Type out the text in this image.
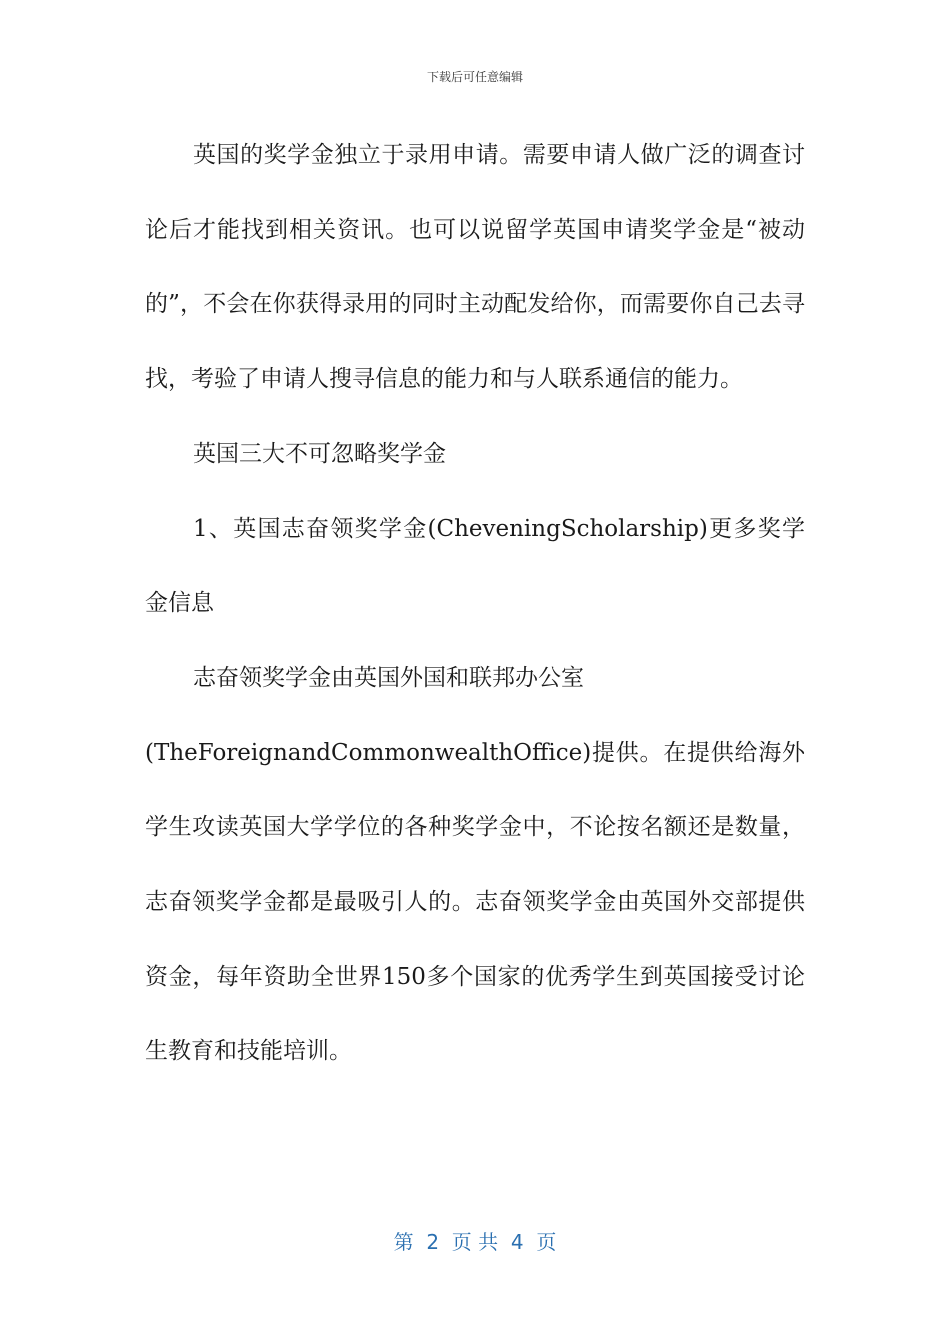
下载后可任意编辑

英国的奖学金独立于录用申请。需要申请人做广泛的调查讨论后才能找到相关资讯。也可以说留学英国申请奖学金是“被动的”，不会在你获得录用的同时主动配发给你，而需要你自己去寻找，考验了申请人搜寻信息的能力和与人联系通信的能力。

英国三大不可忽略奖学金

1、英国志奋领奖学金(CheveningScholarship)更多奖学金信息

志奋领奖学金由英国外国和联邦办公室

(TheForeignandCommonwealthOffice)提供。在提供给海外学生攻读英国大学学位的各种奖学金中，不论按名额还是数量，志奋领奖学金都是最吸引人的。志奋领奖学金由英国外交部提供资金，每年资助全世界150多个国家的优秀学生到英国接受讨论生教育和技能培训。

第  2  页 共  4  页
